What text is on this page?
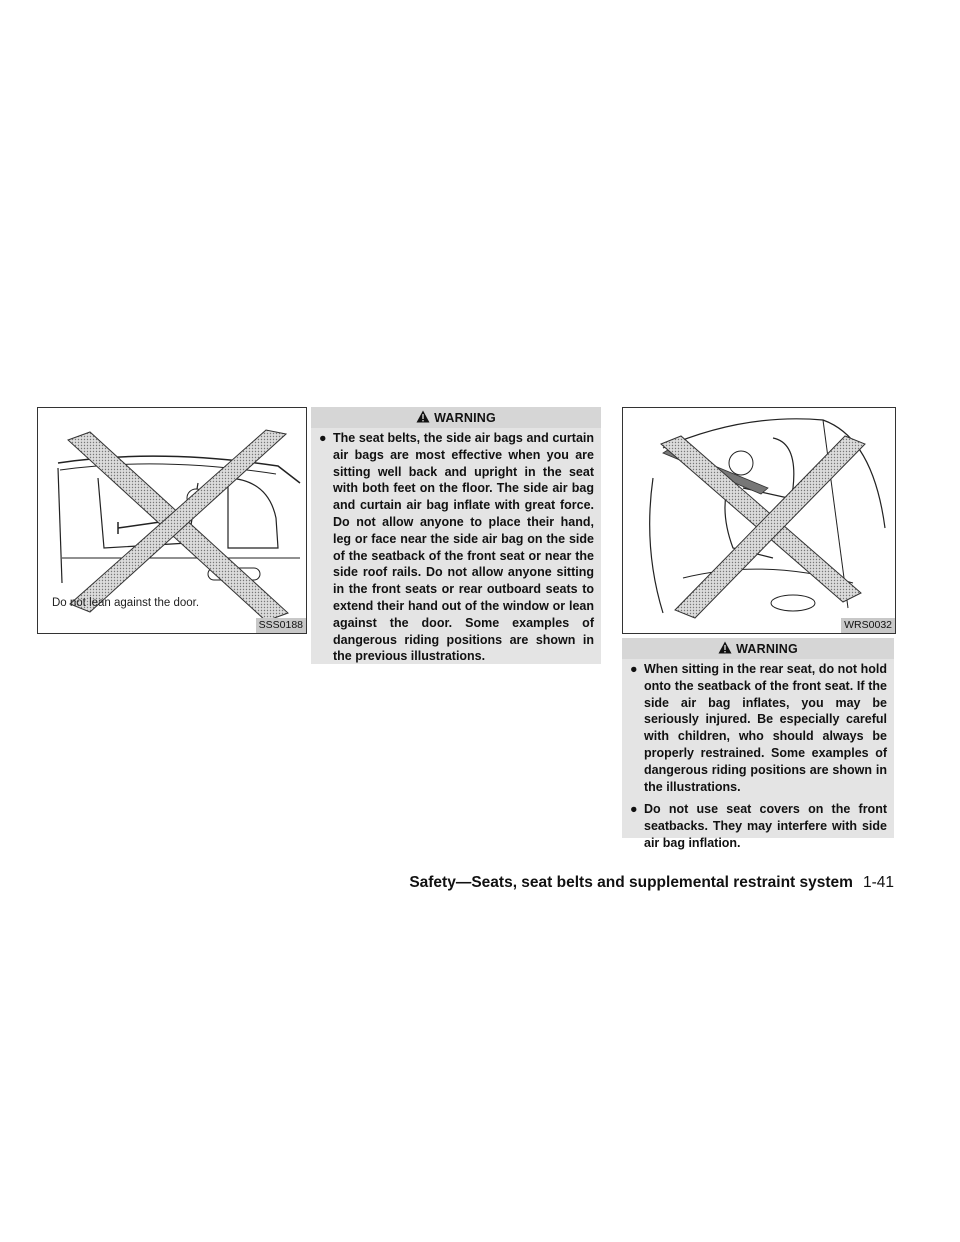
Do not lean against the door.
SSS0188
WARNING
● The seat belts, the side air bags and curtain air bags are most effective when you are sitting well back and upright in the seat with both feet on the floor. The side air bag and curtain air bag inflate with great force. Do not allow anyone to place their hand, leg or face near the side air bag on the side of the seatback of the front seat or near the side roof rails. Do not allow anyone sitting in the front seats or rear outboard seats to extend their hand out of the window or lean against the door. Some examples of dangerous riding positions are shown in the previous illustrations.
WRS0032
WARNING
● When sitting in the rear seat, do not hold onto the seatback of the front seat. If the side air bag inflates, you may be seriously injured. Be especially careful with children, who should always be properly restrained. Some examples of dangerous riding positions are shown in the illustrations.
● Do not use seat covers on the front seatbacks. They may interfere with side air bag inflation.
Safety—Seats, seat belts and supplemental restraint system 1-41
